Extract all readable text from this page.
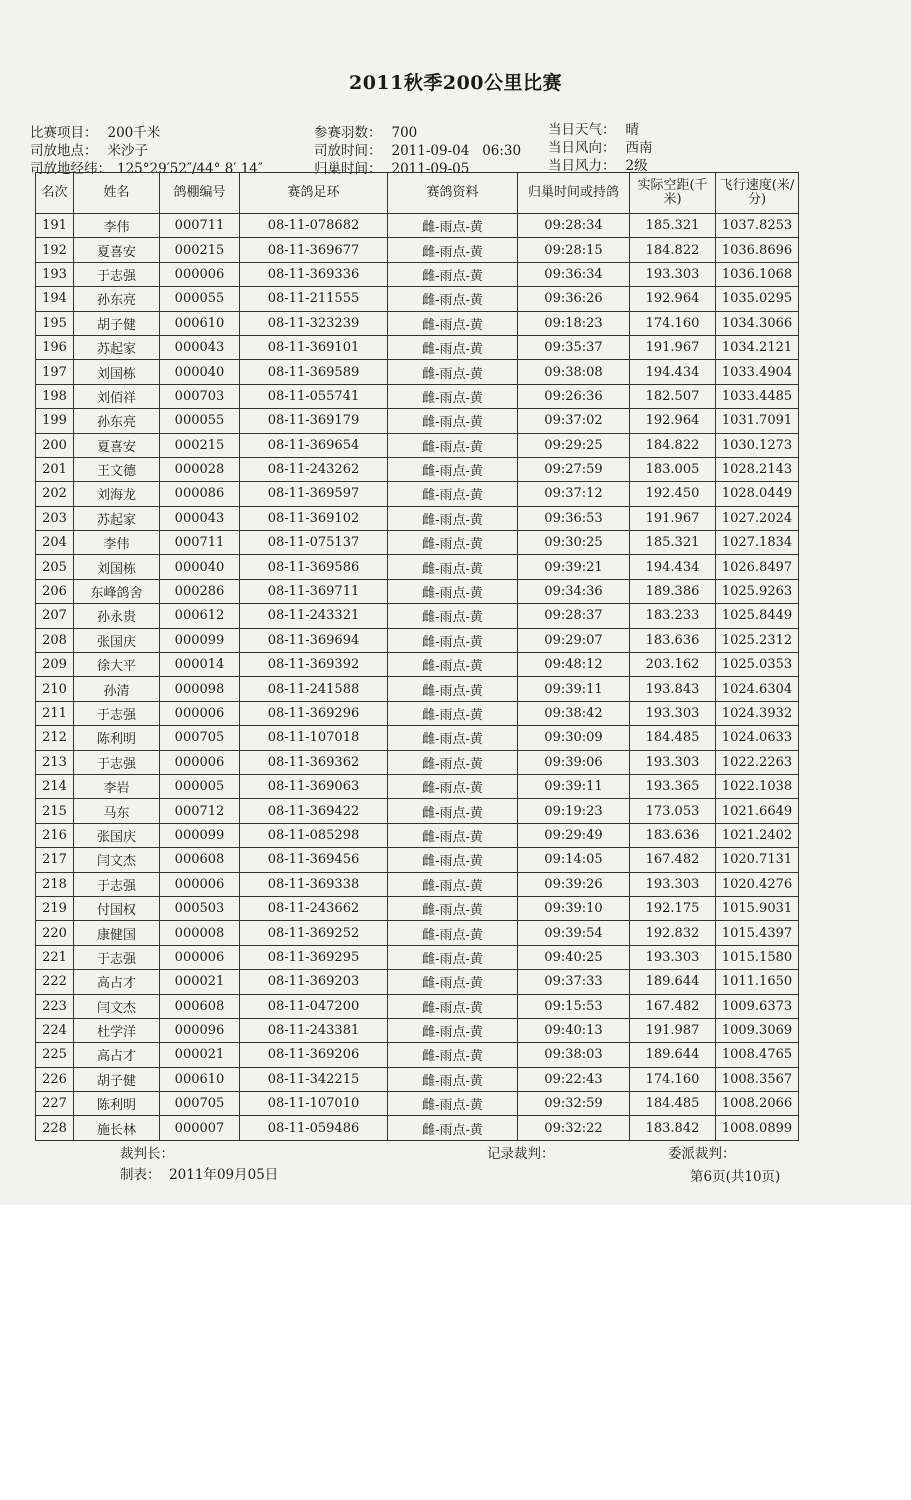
2011秋季200公里比赛
比赛项目： 200千米
司放地点： 米沙子
司放地经纬： 125°29′52″/44° 8′ 14″
参赛羽数： 700
司放时间： 2011-09-04   06:30
归巢时间： 2011-09-05
当日天气： 晴
当日风向： 西南
当日风力： 2级
名次	姓名	鸽棚编号	赛鸽足环	赛鸽资料	归巢时间或持鸽	实际空距(千米)	飞行速度(米/分)
191	李伟	000711	08-11-078682	雌-雨点-黄	09:28:34	185.321	1037.8253
192	夏喜安	000215	08-11-369677	雌-雨点-黄	09:28:15	184.822	1036.8696
193	于志强	000006	08-11-369336	雌-雨点-黄	09:36:34	193.303	1036.1068
194	孙东亮	000055	08-11-211555	雌-雨点-黄	09:36:26	192.964	1035.0295
195	胡子健	000610	08-11-323239	雌-雨点-黄	09:18:23	174.160	1034.3066
196	苏起家	000043	08-11-369101	雌-雨点-黄	09:35:37	191.967	1034.2121
197	刘国栋	000040	08-11-369589	雌-雨点-黄	09:38:08	194.434	1033.4904
198	刘佰祥	000703	08-11-055741	雌-雨点-黄	09:26:36	182.507	1033.4485
199	孙东亮	000055	08-11-369179	雌-雨点-黄	09:37:02	192.964	1031.7091
200	夏喜安	000215	08-11-369654	雌-雨点-黄	09:29:25	184.822	1030.1273
201	王文德	000028	08-11-243262	雌-雨点-黄	09:27:59	183.005	1028.2143
202	刘海龙	000086	08-11-369597	雌-雨点-黄	09:37:12	192.450	1028.0449
203	苏起家	000043	08-11-369102	雌-雨点-黄	09:36:53	191.967	1027.2024
204	李伟	000711	08-11-075137	雌-雨点-黄	09:30:25	185.321	1027.1834
205	刘国栋	000040	08-11-369586	雌-雨点-黄	09:39:21	194.434	1026.8497
206	东峰鸽舍	000286	08-11-369711	雌-雨点-黄	09:34:36	189.386	1025.9263
207	孙永贵	000612	08-11-243321	雌-雨点-黄	09:28:37	183.233	1025.8449
208	张国庆	000099	08-11-369694	雌-雨点-黄	09:29:07	183.636	1025.2312
209	徐大平	000014	08-11-369392	雌-雨点-黄	09:48:12	203.162	1025.0353
210	孙清	000098	08-11-241588	雌-雨点-黄	09:39:11	193.843	1024.6304
211	于志强	000006	08-11-369296	雌-雨点-黄	09:38:42	193.303	1024.3932
212	陈利明	000705	08-11-107018	雌-雨点-黄	09:30:09	184.485	1024.0633
213	于志强	000006	08-11-369362	雌-雨点-黄	09:39:06	193.303	1022.2263
214	李岩	000005	08-11-369063	雌-雨点-黄	09:39:11	193.365	1022.1038
215	马东	000712	08-11-369422	雌-雨点-黄	09:19:23	173.053	1021.6649
216	张国庆	000099	08-11-085298	雌-雨点-黄	09:29:49	183.636	1021.2402
217	闫文杰	000608	08-11-369456	雌-雨点-黄	09:14:05	167.482	1020.7131
218	于志强	000006	08-11-369338	雌-雨点-黄	09:39:26	193.303	1020.4276
219	付国权	000503	08-11-243662	雌-雨点-黄	09:39:10	192.175	1015.9031
220	康健国	000008	08-11-369252	雌-雨点-黄	09:39:54	192.832	1015.4397
221	于志强	000006	08-11-369295	雌-雨点-黄	09:40:25	193.303	1015.1580
222	高占才	000021	08-11-369203	雌-雨点-黄	09:37:33	189.644	1011.1650
223	闫文杰	000608	08-11-047200	雌-雨点-黄	09:15:53	167.482	1009.6373
224	杜学洋	000096	08-11-243381	雌-雨点-黄	09:40:13	191.987	1009.3069
225	高占才	000021	08-11-369206	雌-雨点-黄	09:38:03	189.644	1008.4765
226	胡子健	000610	08-11-342215	雌-雨点-黄	09:22:43	174.160	1008.3567
227	陈利明	000705	08-11-107010	雌-雨点-黄	09:32:59	184.485	1008.2066
228	施长林	000007	08-11-059486	雌-雨点-黄	09:32:22	183.842	1008.0899
裁判长：	记录裁判：	委派裁判：
制表：  2011年09月05日	第6页(共10页)
